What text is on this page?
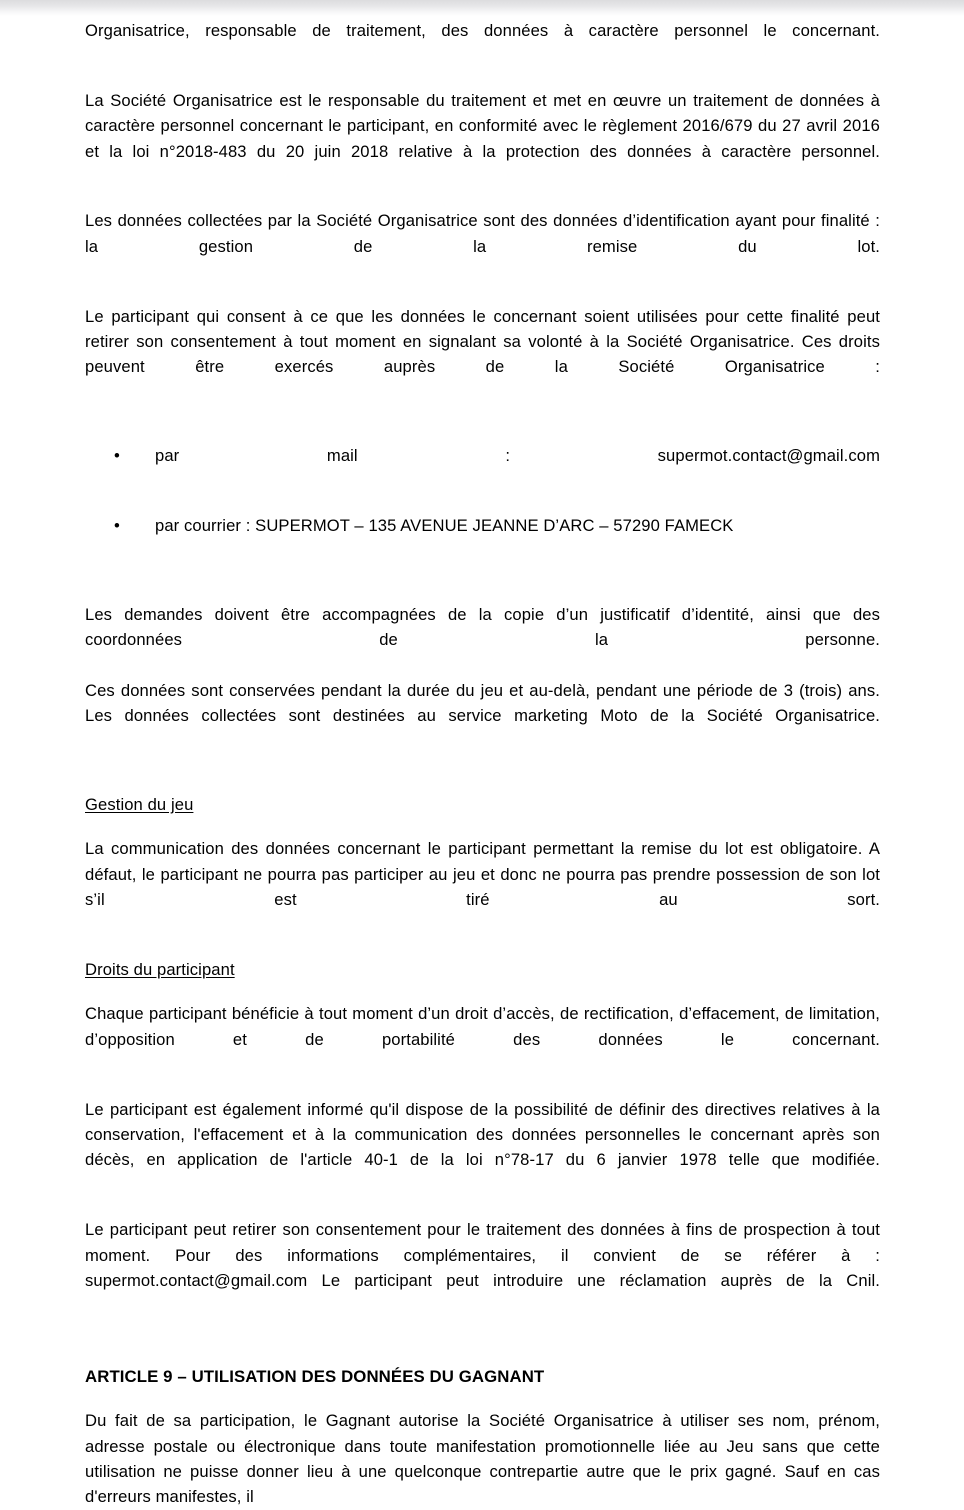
Organisatrice, responsable de traitement, des données à caractère personnel le concernant.

La Société Organisatrice est le responsable du traitement et met en œuvre un traitement de données à caractère personnel concernant le participant, en conformité avec le règlement 2016/679 du 27 avril 2016 et la loi n°2018-483 du 20 juin 2018 relative à la protection des données à caractère personnel.

Les données collectées par la Société Organisatrice sont des données d’identification ayant pour finalité : la gestion de la remise du lot.

Le participant qui consent à ce que les données le concernant soient utilisées pour cette finalité peut retirer son consentement à tout moment en signalant sa volonté à la Société Organisatrice. Ces droits peuvent être exercés auprès de la Société Organisatrice :

• par mail : supermot.contact@gmail.com
• par courrier : SUPERMOT – 135 AVENUE JEANNE D’ARC – 57290 FAMECK

Les demandes doivent être accompagnées de la copie d’un justificatif d’identité, ainsi que des coordonnées de la personne.

Ces données sont conservées pendant la durée du jeu et au-delà, pendant une période de 3 (trois) ans. Les données collectées sont destinées au service marketing Moto de la Société Organisatrice.

Gestion du jeu

La communication des données concernant le participant permettant la remise du lot est obligatoire. A défaut, le participant ne pourra pas participer au jeu et donc ne pourra pas prendre possession de son lot s’il est tiré au sort.

Droits du participant

Chaque participant bénéficie à tout moment d’un droit d’accès, de rectification, d’effacement, de limitation, d’opposition et de portabilité des données le concernant.

Le participant est également informé qu'il dispose de la possibilité de définir des directives relatives à la conservation, l'effacement et à la communication des données personnelles le concernant après son décès, en application de l'article 40-1 de la loi n°78-17 du 6 janvier 1978 telle que modifiée.

Le participant peut retirer son consentement pour le traitement des données à fins de prospection à tout moment. Pour des informations complémentaires, il convient de se référer à : supermot.contact@gmail.com Le participant peut introduire une réclamation auprès de la Cnil.

ARTICLE 9 – UTILISATION DES DONNÉES DU GAGNANT

Du fait de sa participation, le Gagnant autorise la Société Organisatrice à utiliser ses nom, prénom, adresse postale ou électronique dans toute manifestation promotionnelle liée au Jeu sans que cette utilisation ne puisse donner lieu à une quelconque contrepartie autre que le prix gagné. Sauf en cas d'erreurs manifestes, il
